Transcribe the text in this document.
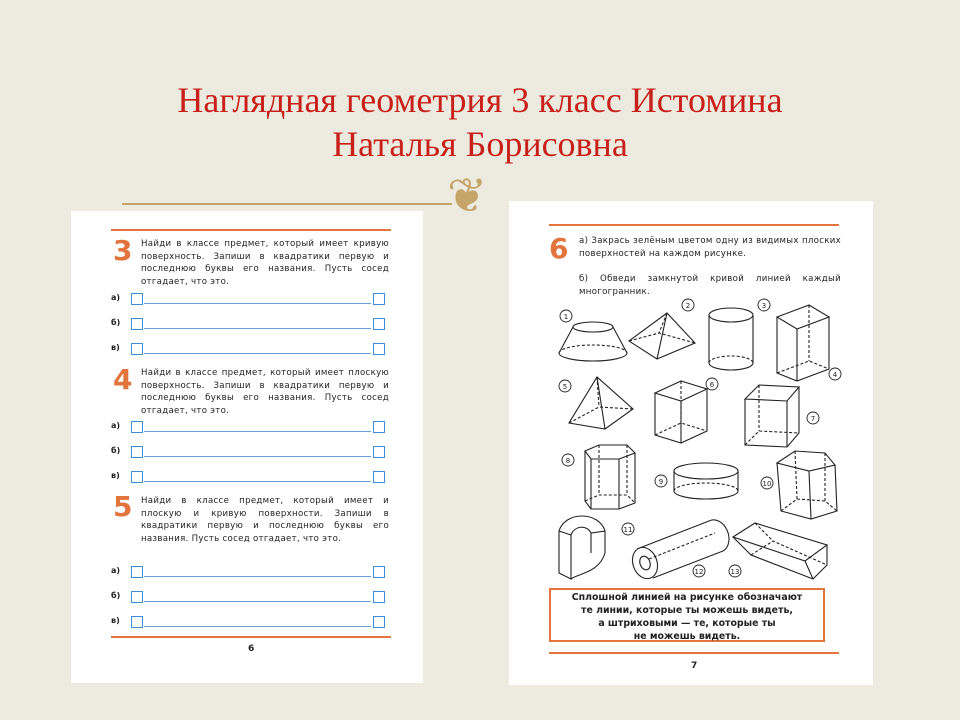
Наглядная геометрия 3 класс Истомина
Наталья Борисовна
❦
3 Найди в классе предмет, который имеет кривую поверхность. Запиши в квадратики первую и последнюю буквы его названия. Пусть сосед отгадает, что это.
а)
б)
в)
4 Найди в классе предмет, который имеет плоскую поверхность. Запиши в квадратики первую и последнюю буквы его названия. Пусть сосед отгадает, что это.
а)
б)
в)
5 Найди в классе предмет, который имеет и плоскую и кривую поверхности. Запиши в квадратики первую и последнюю буквы его названия. Пусть сосед отгадает, что это.
а)
б)
в)
6
6 а) Закрась зелёным цветом одну из видимых плоских поверхностей на каждом рисунке.
б) Обведи замкнутой кривой линией каждый многогранник.
1
2	3
4
5	6
7
8
9	10
11
12	13
Сплошной линией на рисунке обозначают
те линии, которые ты можешь видеть,
а штриховыми — те, которые ты
не можешь видеть.
7
